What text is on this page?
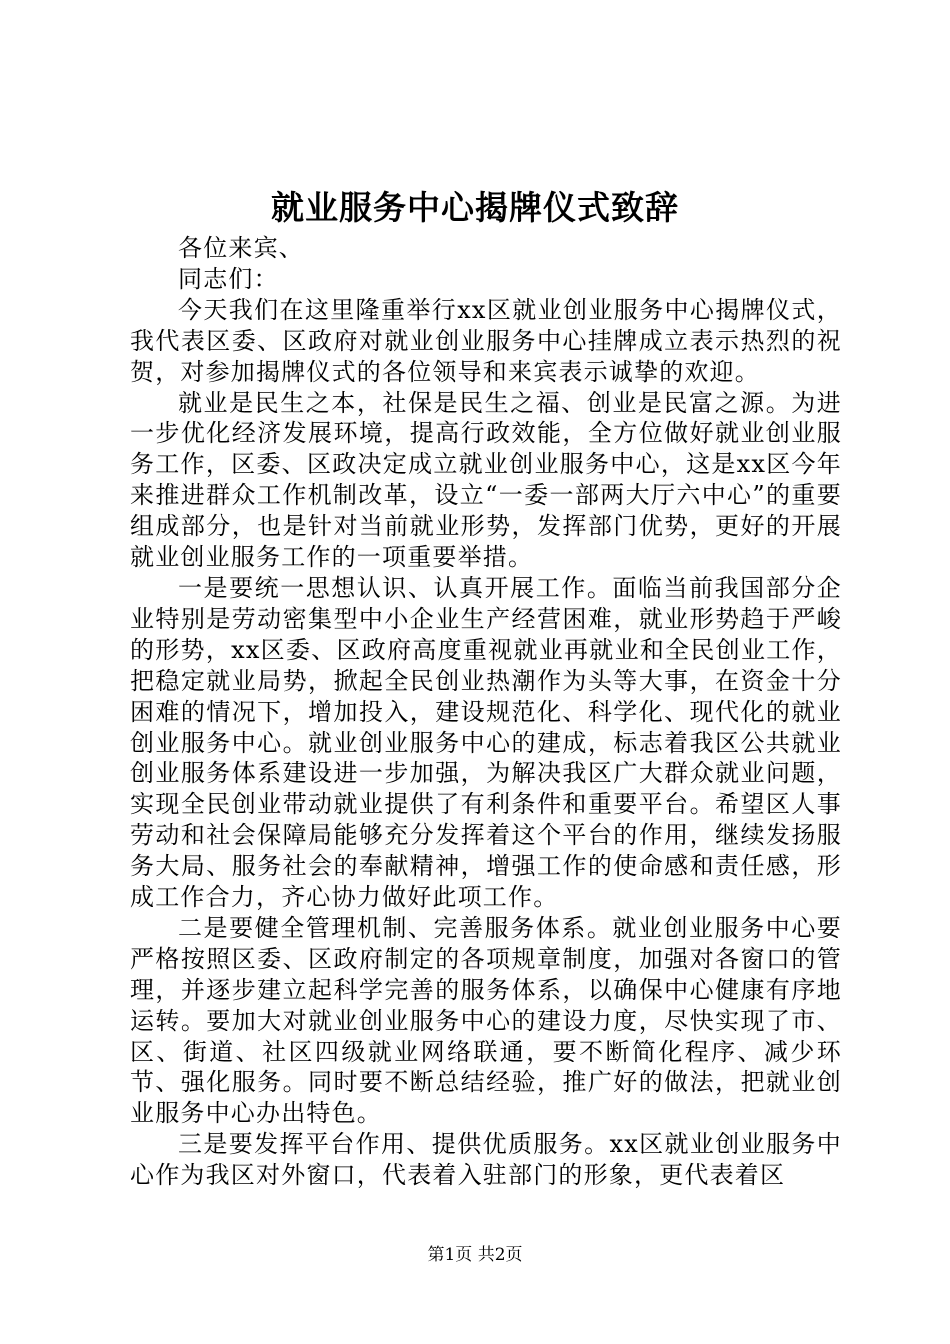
就业服务中心揭牌仪式致辞

各位来宾、

同志们：

今天我们在这里隆重举行xx区就业创业服务中心揭牌仪式，我代表区委、区政府对就业创业服务中心挂牌成立表示热烈的祝贺，对参加揭牌仪式的各位领导和来宾表示诚挚的欢迎。

就业是民生之本，社保是民生之福、创业是民富之源。为进一步优化经济发展环境，提高行政效能，全方位做好就业创业服务工作，区委、区政决定成立就业创业服务中心，这是xx区今年来推进群众工作机制改革，设立“一委一部两大厅六中心”的重要组成部分，也是针对当前就业形势，发挥部门优势，更好的开展就业创业服务工作的一项重要举措。

一是要统一思想认识、认真开展工作。面临当前我国部分企业特别是劳动密集型中小企业生产经营困难，就业形势趋于严峻的形势，xx区委、区政府高度重视就业再就业和全民创业工作，把稳定就业局势，掀起全民创业热潮作为头等大事，在资金十分困难的情况下，增加投入，建设规范化、科学化、现代化的就业创业服务中心。就业创业服务中心的建成，标志着我区公共就业创业服务体系建设进一步加强，为解决我区广大群众就业问题，实现全民创业带动就业提供了有利条件和重要平台。希望区人事劳动和社会保障局能够充分发挥着这个平台的作用，继续发扬服务大局、服务社会的奉献精神，增强工作的使命感和责任感，形成工作合力，齐心协力做好此项工作。

二是要健全管理机制、完善服务体系。就业创业服务中心要严格按照区委、区政府制定的各项规章制度，加强对各窗口的管理，并逐步建立起科学完善的服务体系，以确保中心健康有序地运转。要加大对就业创业服务中心的建设力度，尽快实现了市、区、街道、社区四级就业网络联通，要不断简化程序、减少环节、强化服务。同时要不断总结经验，推广好的做法，把就业创业服务中心办出特色。

三是要发挥平台作用、提供优质服务。xx区就业创业服务中心作为我区对外窗口，代表着入驻部门的形象，更代表着区

第1页 共2页
